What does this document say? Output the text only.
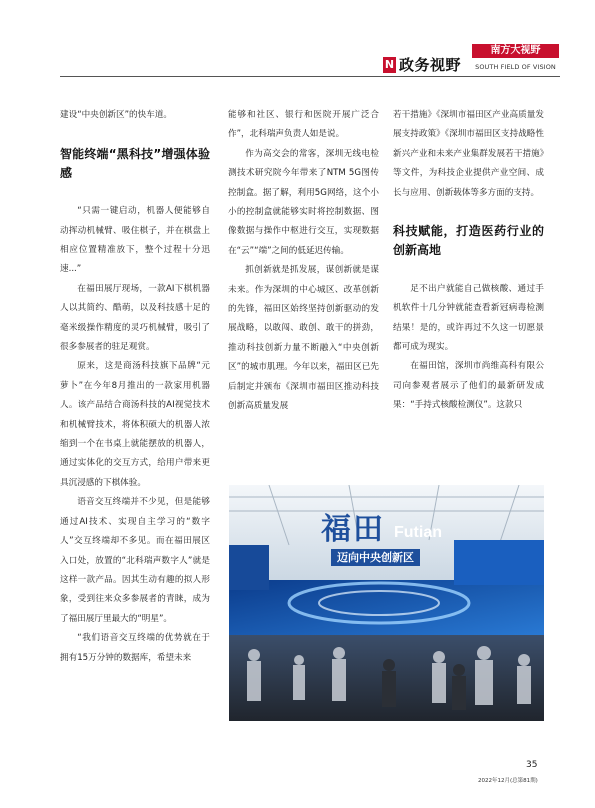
N 政务视野
南方大视野
SOUTH FIELD OF VISION

建设“中央创新区”的快车道。

智能终端“黑科技”增强体验感

“只需一键启动，机器人便能够自动挥动机械臂、吸住棋子，并在棋盘上相应位置精准放下，整个过程十分迅速...”

在福田展厅现场，一款AI下棋机器人以其简约、酷萌，以及科技感十足的毫米级操作精度的灵巧机械臂，吸引了很多参展者的驻足观赏。

原来，这是商汤科技旗下品牌“元萝卜”在今年8月推出的一款家用机器人。该产品结合商汤科技的AI视觉技术和机械臂技术，将体积硕大的机器人浓缩到一个在书桌上就能摆放的机器人，通过实体化的交互方式，给用户带来更具沉浸感的下棋体验。

语音交互终端并不少见，但是能够通过AI技术、实现自主学习的“数字人”交互终端却不多见。而在福田展区入口处，放置的“北科瑞声数字人”就是这样一款产品。因其生动有趣的拟人形象，受到往来众多参展者的青睐，成为了福田展厅里最大的“明星”。

“我们语音交互终端的优势就在于拥有15万分钟的数据库，希望未来

能够和社区、银行和医院开展广泛合作”，北科瑞声负责人如是说。

作为高交会的常客，深圳无线电检测技术研究院今年带来了NTM 5G图传控制盒。据了解，利用5G网络，这个小小的控制盒就能够实时将控制数据、图像数据与操作中枢进行交互，实现数据在“云”“端”之间的低延迟传输。

抓创新就是抓发展，谋创新就是谋未来。作为深圳的中心城区、改革创新的先锋，福田区始终坚持创新驱动的发展战略，以敢闯、敢创、敢干的拼劲，推动科技创新力量不断融入“中央创新区”的城市肌理。今年以来，福田区已先后制定并颁布《深圳市福田区推动科技创新高质量发展

若干措施》《深圳市福田区产业高质量发展支持政策》《深圳市福田区支持战略性新兴产业和未来产业集群发展若干措施》等文件，为科技企业提供产业空间、成长与应用、创新载体等多方面的支持。

科技赋能，打造医药行业的创新高地

足不出户就能自己做核酸、通过手机软件十几分钟就能查看新冠病毒检测结果！是的，或许再过不久这一切愿景都可成为现实。

在福田馆，深圳市尚维高科有限公司向参观者展示了他们的最新研发成果：“手持式核酸检测仪”。这款只

福田 Futian
迈向中央创新区
35
2022年12月(总第81期)
